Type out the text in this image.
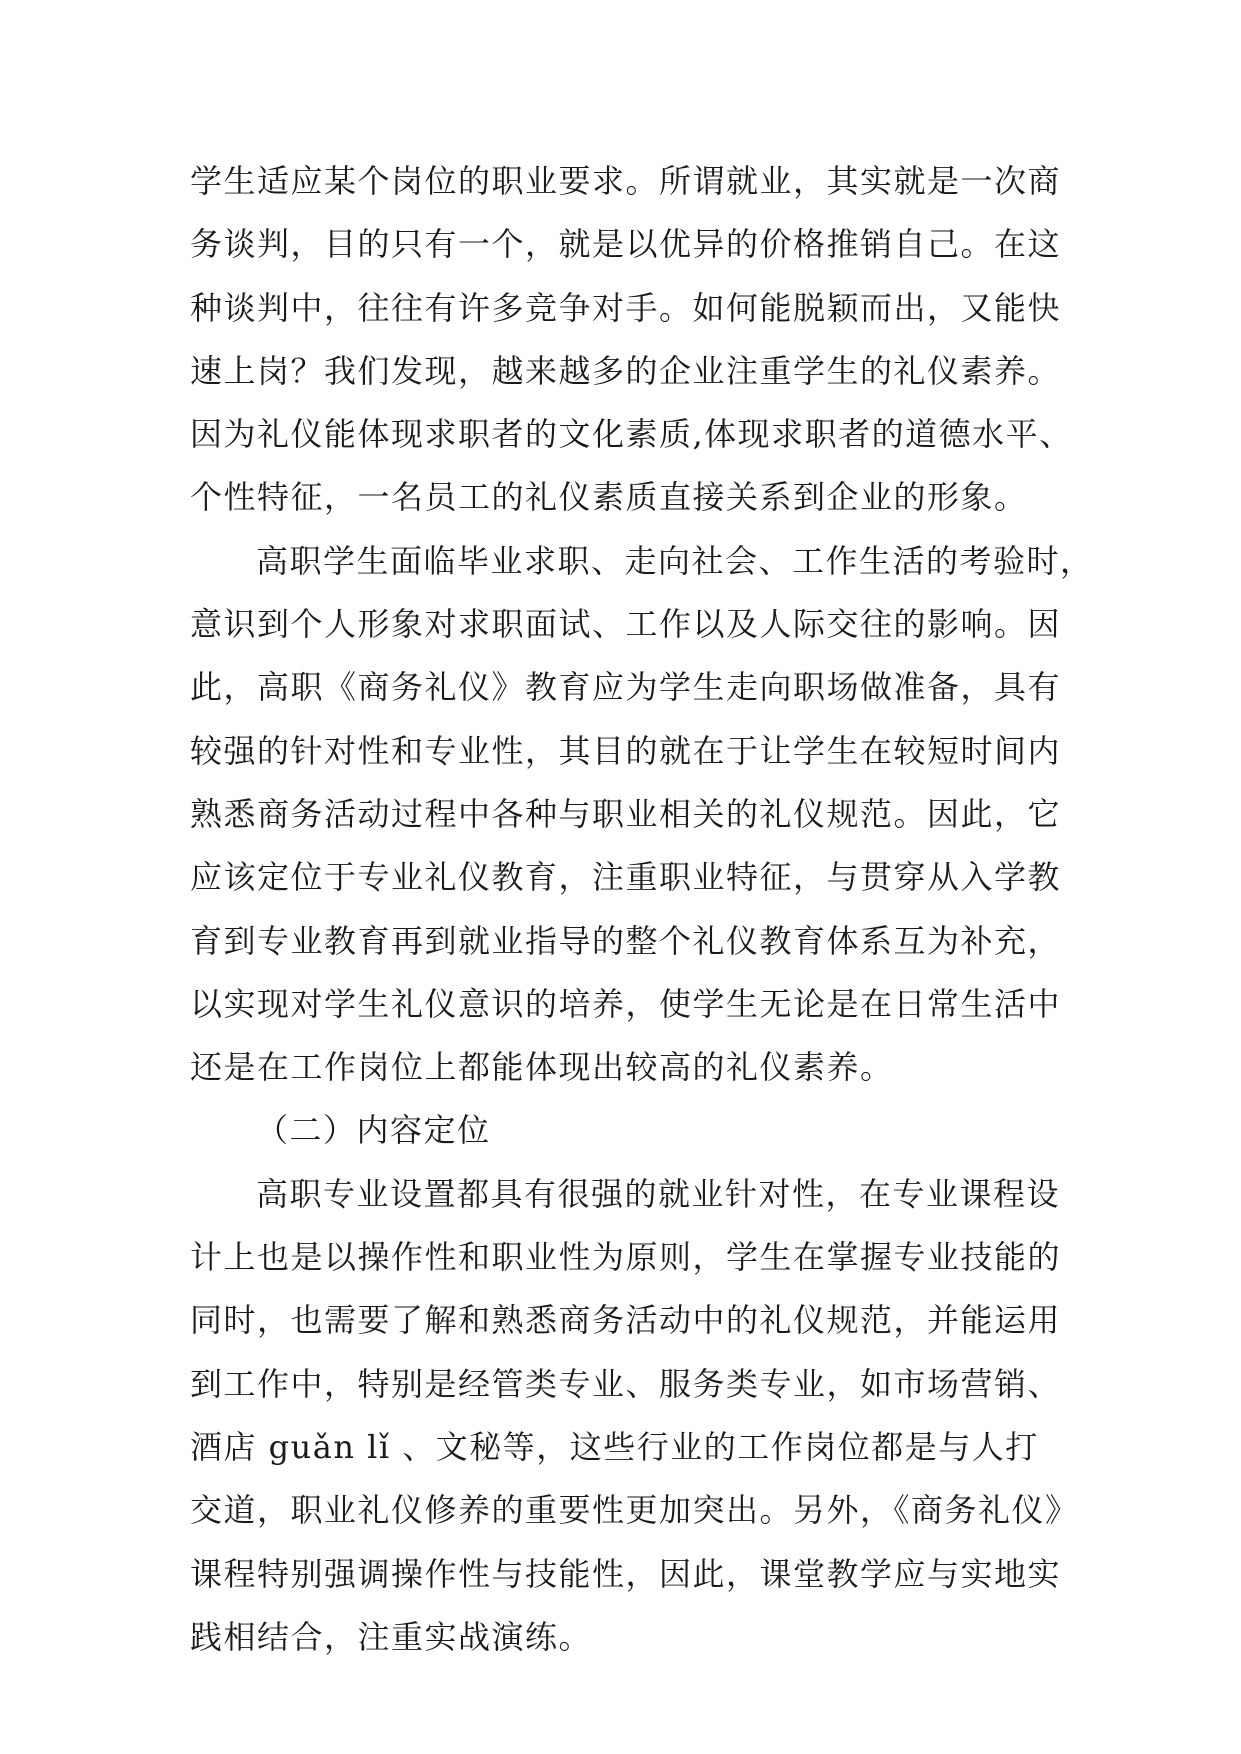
学生适应某个岗位的职业要求。所谓就业，其实就是一次商
务谈判，目的只有一个，就是以优异的价格推销自己。在这
种谈判中，往往有许多竞争对手。如何能脱颖而出，又能快
速上岗？我们发现，越来越多的企业注重学生的礼仪素养。
因为礼仪能体现求职者的文化素质,体现求职者的道德水平、
个性特征，一名员工的礼仪素质直接关系到企业的形象。
高职学生面临毕业求职、走向社会、工作生活的考验时，
意识到个人形象对求职面试、工作以及人际交往的影响。因
此，高职《商务礼仪》教育应为学生走向职场做准备，具有
较强的针对性和专业性，其目的就在于让学生在较短时间内
熟悉商务活动过程中各种与职业相关的礼仪规范。因此，它
应该定位于专业礼仪教育，注重职业特征，与贯穿从入学教
育到专业教育再到就业指导的整个礼仪教育体系互为补充，
以实现对学生礼仪意识的培养，使学生无论是在日常生活中
还是在工作岗位上都能体现出较高的礼仪素养。
（二）内容定位
高职专业设置都具有很强的就业针对性，在专业课程设
计上也是以操作性和职业性为原则，学生在掌握专业技能的
同时，也需要了解和熟悉商务活动中的礼仪规范，并能运用
到工作中，特别是经管类专业、服务类专业，如市场营销、
酒店 guǎn lǐ 、文秘等，这些行业的工作岗位都是与人打
交道，职业礼仪修养的重要性更加突出。另外，《商务礼仪》
课程特别强调操作性与技能性，因此，课堂教学应与实地实
践相结合，注重实战演练。
